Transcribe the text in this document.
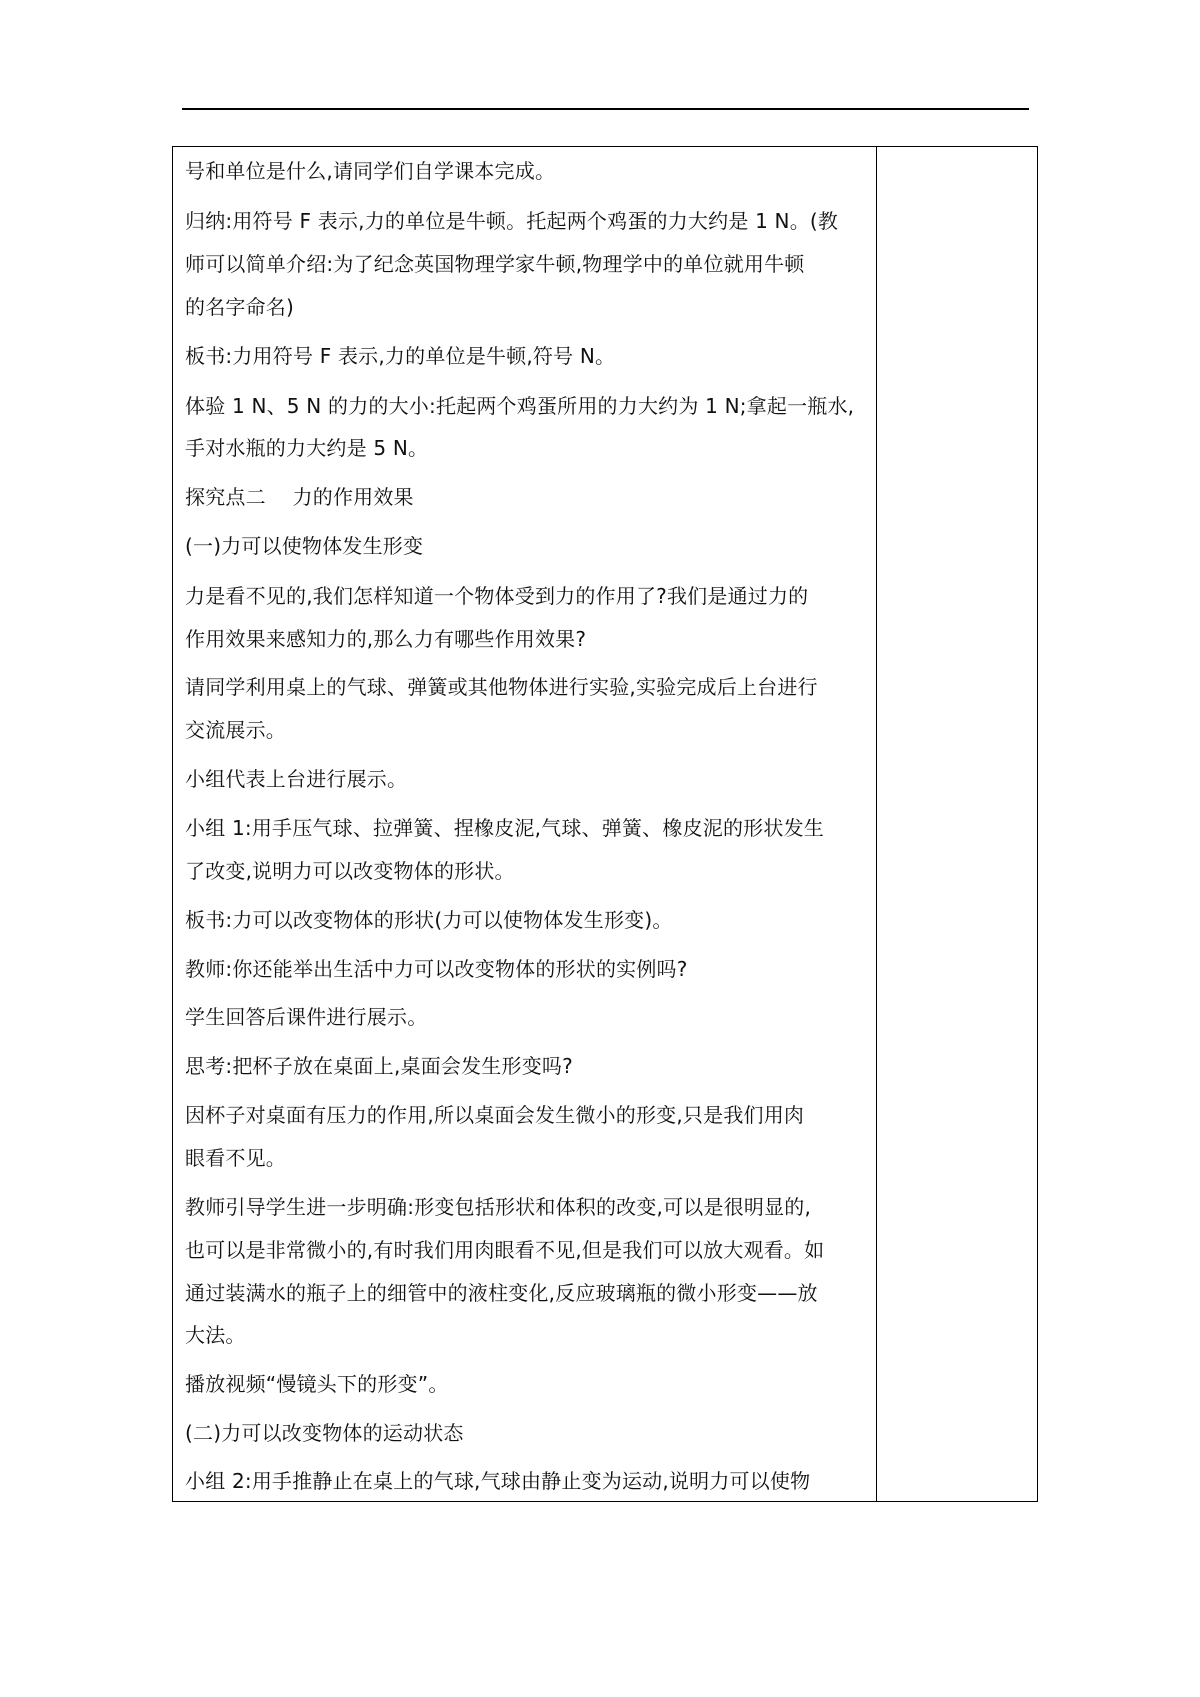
号和单位是什么,请同学们自学课本完成。
归纳:用符号 F 表示,力的单位是牛顿。托起两个鸡蛋的力大约是 1 N。(教
师可以简单介绍:为了纪念英国物理学家牛顿,物理学中的单位就用牛顿
的名字命名)
板书:力用符号 F 表示,力的单位是牛顿,符号 N。
体验 1 N、5 N 的力的大小:托起两个鸡蛋所用的力大约为 1 N;拿起一瓶水,
手对水瓶的力大约是 5 N。
探究点二　 力的作用效果
(一)力可以使物体发生形变
力是看不见的,我们怎样知道一个物体受到力的作用了?我们是通过力的
作用效果来感知力的,那么力有哪些作用效果?
请同学利用桌上的气球、弹簧或其他物体进行实验,实验完成后上台进行
交流展示。
小组代表上台进行展示。
小组 1:用手压气球、拉弹簧、捏橡皮泥,气球、弹簧、橡皮泥的形状发生
了改变,说明力可以改变物体的形状。
板书:力可以改变物体的形状(力可以使物体发生形变)。
教师:你还能举出生活中力可以改变物体的形状的实例吗?
学生回答后课件进行展示。
思考:把杯子放在桌面上,桌面会发生形变吗?
因杯子对桌面有压力的作用,所以桌面会发生微小的形变,只是我们用肉
眼看不见。
教师引导学生进一步明确:形变包括形状和体积的改变,可以是很明显的,
也可以是非常微小的,有时我们用肉眼看不见,但是我们可以放大观看。如
通过装满水的瓶子上的细管中的液柱变化,反应玻璃瓶的微小形变——放
大法。
播放视频“慢镜头下的形变”。
(二)力可以改变物体的运动状态
小组 2:用手推静止在桌上的气球,气球由静止变为运动,说明力可以使物
